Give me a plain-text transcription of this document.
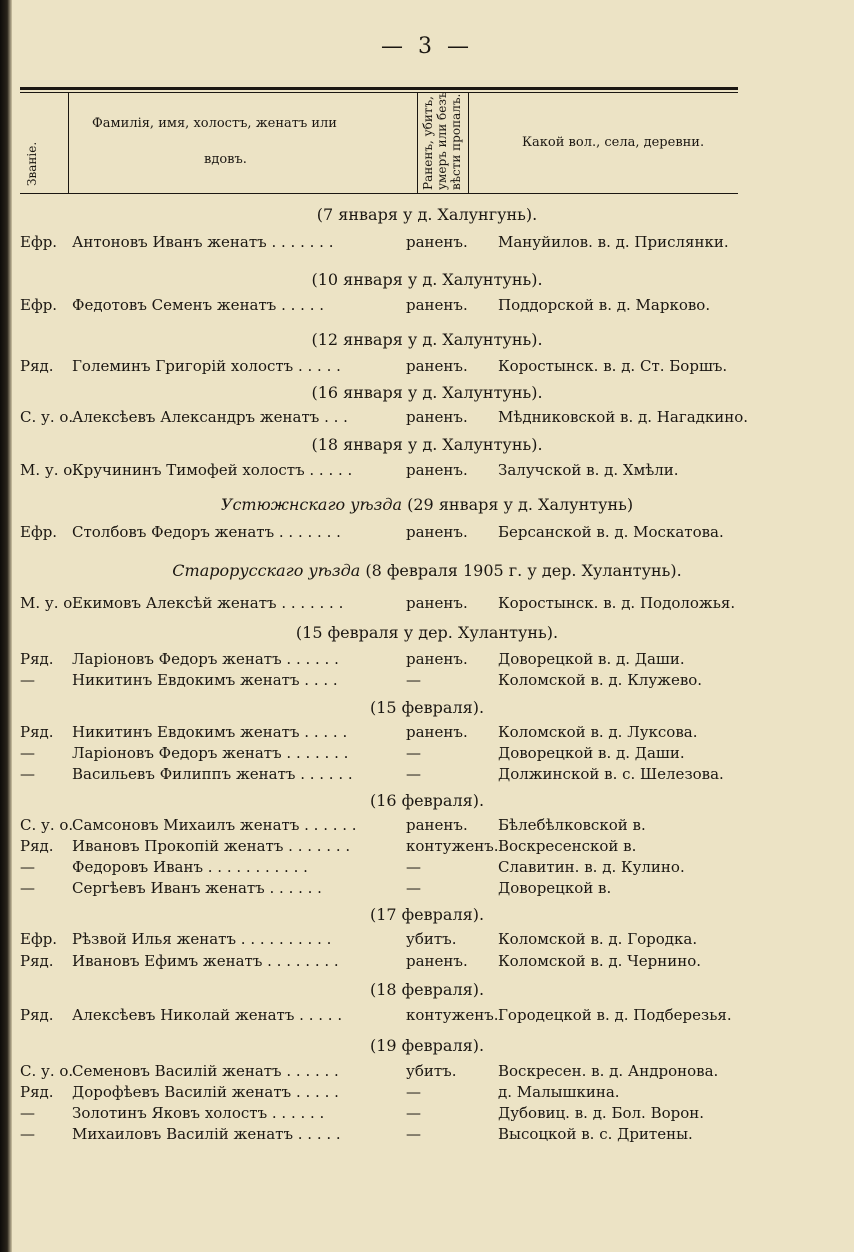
— 3 —
Званіе.
Фамилія, имя, холостъ, женатъ или
вдовъ.	Раненъ, убитъ, умеръ или безъ вѣсти пропалъ.	Какой вол., села, деревни.
(7 января у д. Халунгунь).
Ефр. Антоновъ Иванъ женатъ . . . . . . .	раненъ. Мануйилов. в. д. Прислянки.
(10 января у д. Халунтунь).
Ефр. Федотовъ Семенъ женатъ . . . . .	раненъ. Поддорской в. д. Марково.
(12 января у д. Халунтунь).
Ряд. Големинъ Григорій холостъ . . . . .	раненъ. Коростынск. в. д. Ст. Боршъ.
(16 января у д. Халунтунь).
С. у. о.
Алексѣевъ Александръ женатъ . . .	раненъ. Мѣдниковской в. д. Нагадкино.
(18 января у д. Халунтунь).
М. у. о.
Кручининъ Тимофей холостъ . . . . .	раненъ. Залучской в. д. Хмѣли.
Устюжнскаго уѣзда (29 января у д. Халунтунь)
Ефр. Столбовъ Федоръ женатъ . . . . . . .	раненъ. Берсанской в. д. Москатова.
Старорусскаго уѣзда (8 февраля 1905 г. у дер. Хулантунь).
М. у. о.
Екимовъ Алексѣй женатъ . . . . . . .	раненъ. Коростынск. в. д. Подоложья.
(15 февраля у дер. Хулантунь).
Ряд. Ларіоновъ Федоръ женатъ . . . . . .	раненъ. Доворецкой в. д. Даши.
— Никитинъ Евдокимъ женатъ . . . .	—	Коломской в. д. Клужево.
(15 февраля).
Ряд. Никитинъ Евдокимъ женатъ . . . . .	раненъ. Коломской в. д. Луксова.
— Ларіоновъ Федоръ женатъ . . . . . . .	—	Доворецкой в. д. Даши.
— Васильевъ Филиппъ женатъ . . . . . .	—	Должинской в. с. Шелезова.
(16 февраля).
С. у. о.
Самсоновъ Михаилъ женатъ . . . . . .	раненъ. Бѣлебѣлковской в.
Ряд. Ивановъ Прокопій женатъ . . . . . . .	контуженъ. Воскресенской в.
— Федоровъ Иванъ . . . . . . . . . . .	—	Славитин. в. д. Кулино.
— Сергѣевъ Иванъ женатъ . . . . . .	—	Доворецкой в.
(17 февраля).
Ефр. Рѣзвой Илья женатъ . . . . . . . . . .	убитъ.	Коломской в. д. Городка.
Ряд. Ивановъ Ефимъ женатъ . . . . . . . .	раненъ. Коломской в. д. Чернино.
(18 февраля).
Ряд. Алексѣевъ Николай женатъ . . . . .	контуженъ. Городецкой в. д. Подберезья.
(19 февраля).
С. у. о.
Семеновъ Василій женатъ . . . . . .	убитъ.	Воскресен. в. д. Андронова.
Ряд. Дорофѣевъ Василій женатъ . . . . .	—	д. Малышкина.
— Золотинъ Яковъ холостъ . . . . . .	—	Дубовиц. в. д. Бол. Ворон.
— Михаиловъ Василій женатъ . . . . .	—	Высоцкой в. с. Дритены.
